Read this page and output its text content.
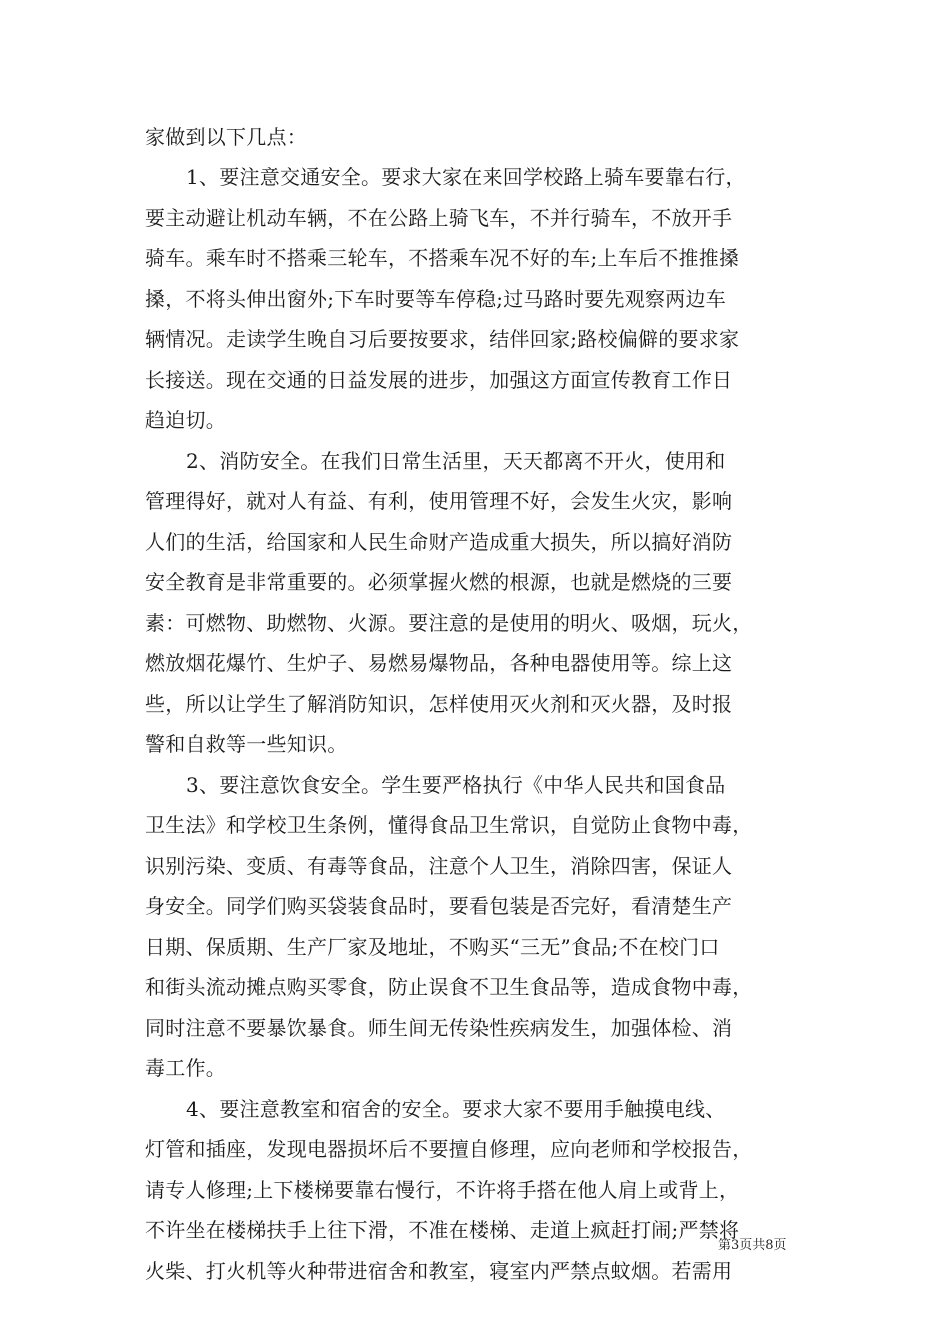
家做到以下几点：
1、要注意交通安全。要求大家在来回学校路上骑车要靠右行，
要主动避让机动车辆，不在公路上骑飞车，不并行骑车，不放开手
骑车。乘车时不搭乘三轮车，不搭乘车况不好的车;上车后不推推搡
搡，不将头伸出窗外;下车时要等车停稳;过马路时要先观察两边车
辆情况。走读学生晚自习后要按要求，结伴回家;路校偏僻的要求家
长接送。现在交通的日益发展的进步，加强这方面宣传教育工作日
趋迫切。
2、消防安全。在我们日常生活里，天天都离不开火，使用和
管理得好，就对人有益、有利，使用管理不好，会发生火灾，影响
人们的生活，给国家和人民生命财产造成重大损失，所以搞好消防
安全教育是非常重要的。必须掌握火燃的根源，也就是燃烧的三要
素：可燃物、助燃物、火源。要注意的是使用的明火、吸烟，玩火，
燃放烟花爆竹、生炉子、易燃易爆物品，各种电器使用等。综上这
些，所以让学生了解消防知识，怎样使用灭火剂和灭火器，及时报
警和自救等一些知识。
3、要注意饮食安全。学生要严格执行《中华人民共和国食品
卫生法》和学校卫生条例，懂得食品卫生常识，自觉防止食物中毒，
识别污染、变质、有毒等食品，注意个人卫生，消除四害，保证人
身安全。同学们购买袋装食品时，要看包装是否完好，看清楚生产
日期、保质期、生产厂家及地址，不购买“三无”食品;不在校门口
和街头流动摊点购买零食，防止误食不卫生食品等，造成食物中毒，
同时注意不要暴饮暴食。师生间无传染性疾病发生，加强体检、消
毒工作。
4、要注意教室和宿舍的安全。要求大家不要用手触摸电线、
灯管和插座，发现电器损坏后不要擅自修理，应向老师和学校报告，
请专人修理;上下楼梯要靠右慢行，不许将手搭在他人肩上或背上，
不许坐在楼梯扶手上往下滑，不准在楼梯、走道上疯赶打闹;严禁将
火柴、打火机等火种带进宿舍和教室，寝室内严禁点蚊烟。若需用
第3页共8页
